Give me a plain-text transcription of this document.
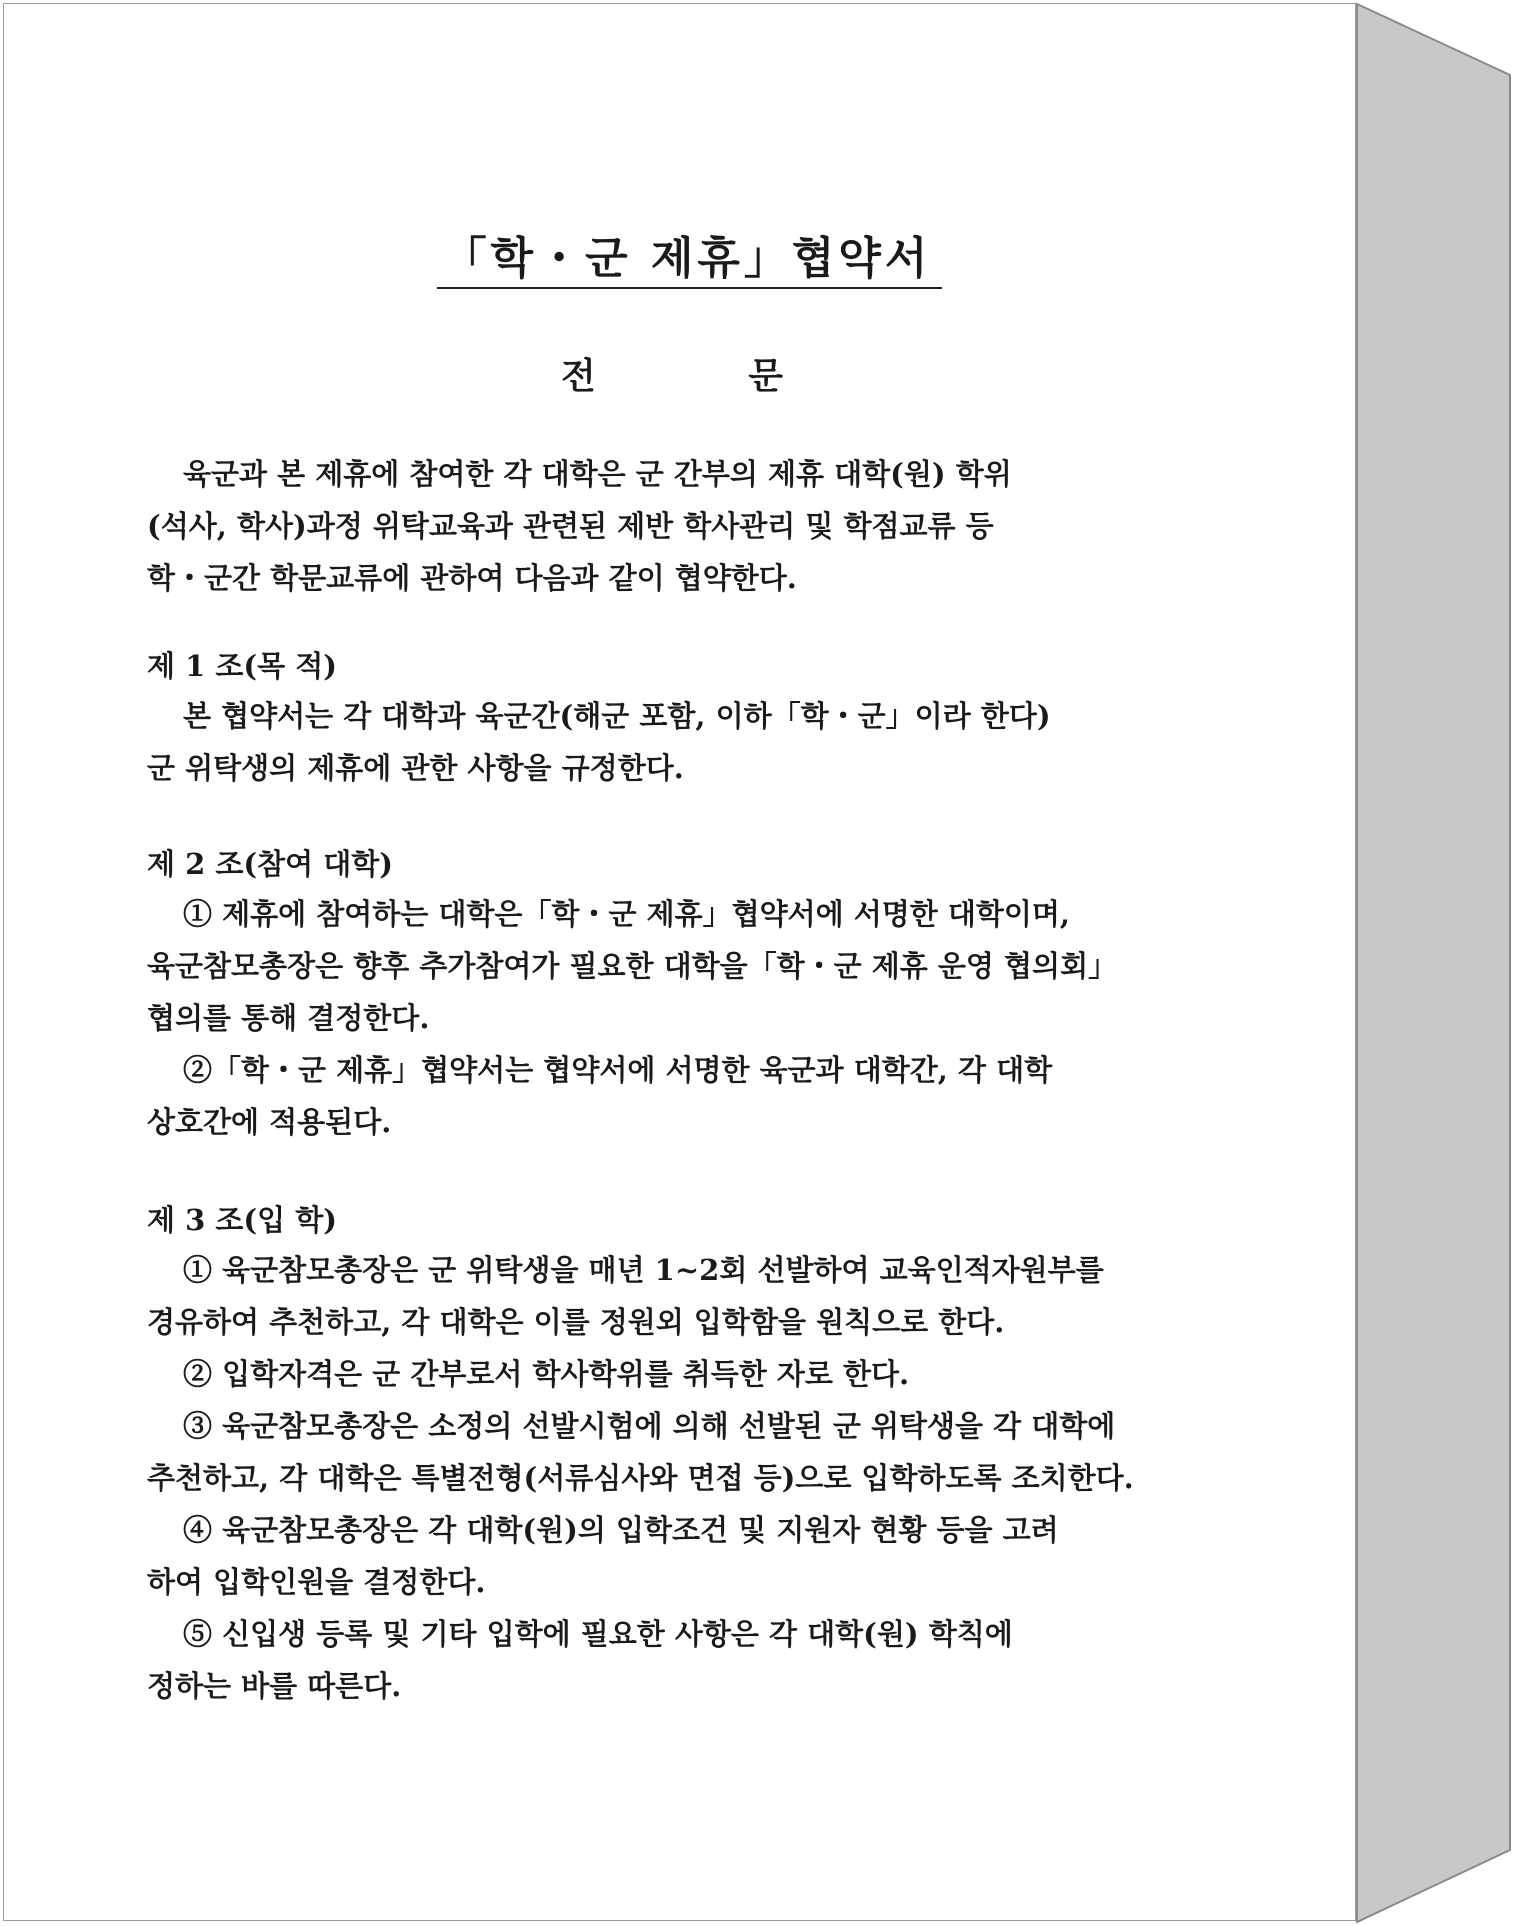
「학・군 제휴」협약서
전 문
육군과 본 제휴에 참여한 각 대학은 군 간부의 제휴 대학(원) 학위
(석사, 학사)과정 위탁교육과 관련된 제반 학사관리 및 학점교류 등
학・군간 학문교류에 관하여 다음과 같이 협약한다.
제 1 조(목 적)
본 협약서는 각 대학과 육군간(해군 포함, 이하「학・군」이라 한다)
군 위탁생의 제휴에 관한 사항을 규정한다.
제 2 조(참여 대학)
① 제휴에 참여하는 대학은「학・군 제휴」협약서에 서명한 대학이며,
육군참모총장은 향후 추가참여가 필요한 대학을「학・군 제휴 운영 협의회」
협의를 통해 결정한다.
②「학・군 제휴」협약서는 협약서에 서명한 육군과 대학간, 각 대학
상호간에 적용된다.
제 3 조(입 학)
① 육군참모총장은 군 위탁생을 매년 1~2회 선발하여 교육인적자원부를
경유하여 추천하고, 각 대학은 이를 정원외 입학함을 원칙으로 한다.
② 입학자격은 군 간부로서 학사학위를 취득한 자로 한다.
③ 육군참모총장은 소정의 선발시험에 의해 선발된 군 위탁생을 각 대학에
추천하고, 각 대학은 특별전형(서류심사와 면접 등)으로 입학하도록 조치한다.
④ 육군참모총장은 각 대학(원)의 입학조건 및 지원자 현황 등을 고려
하여 입학인원을 결정한다.
⑤ 신입생 등록 및 기타 입학에 필요한 사항은 각 대학(원) 학칙에
정하는 바를 따른다.
